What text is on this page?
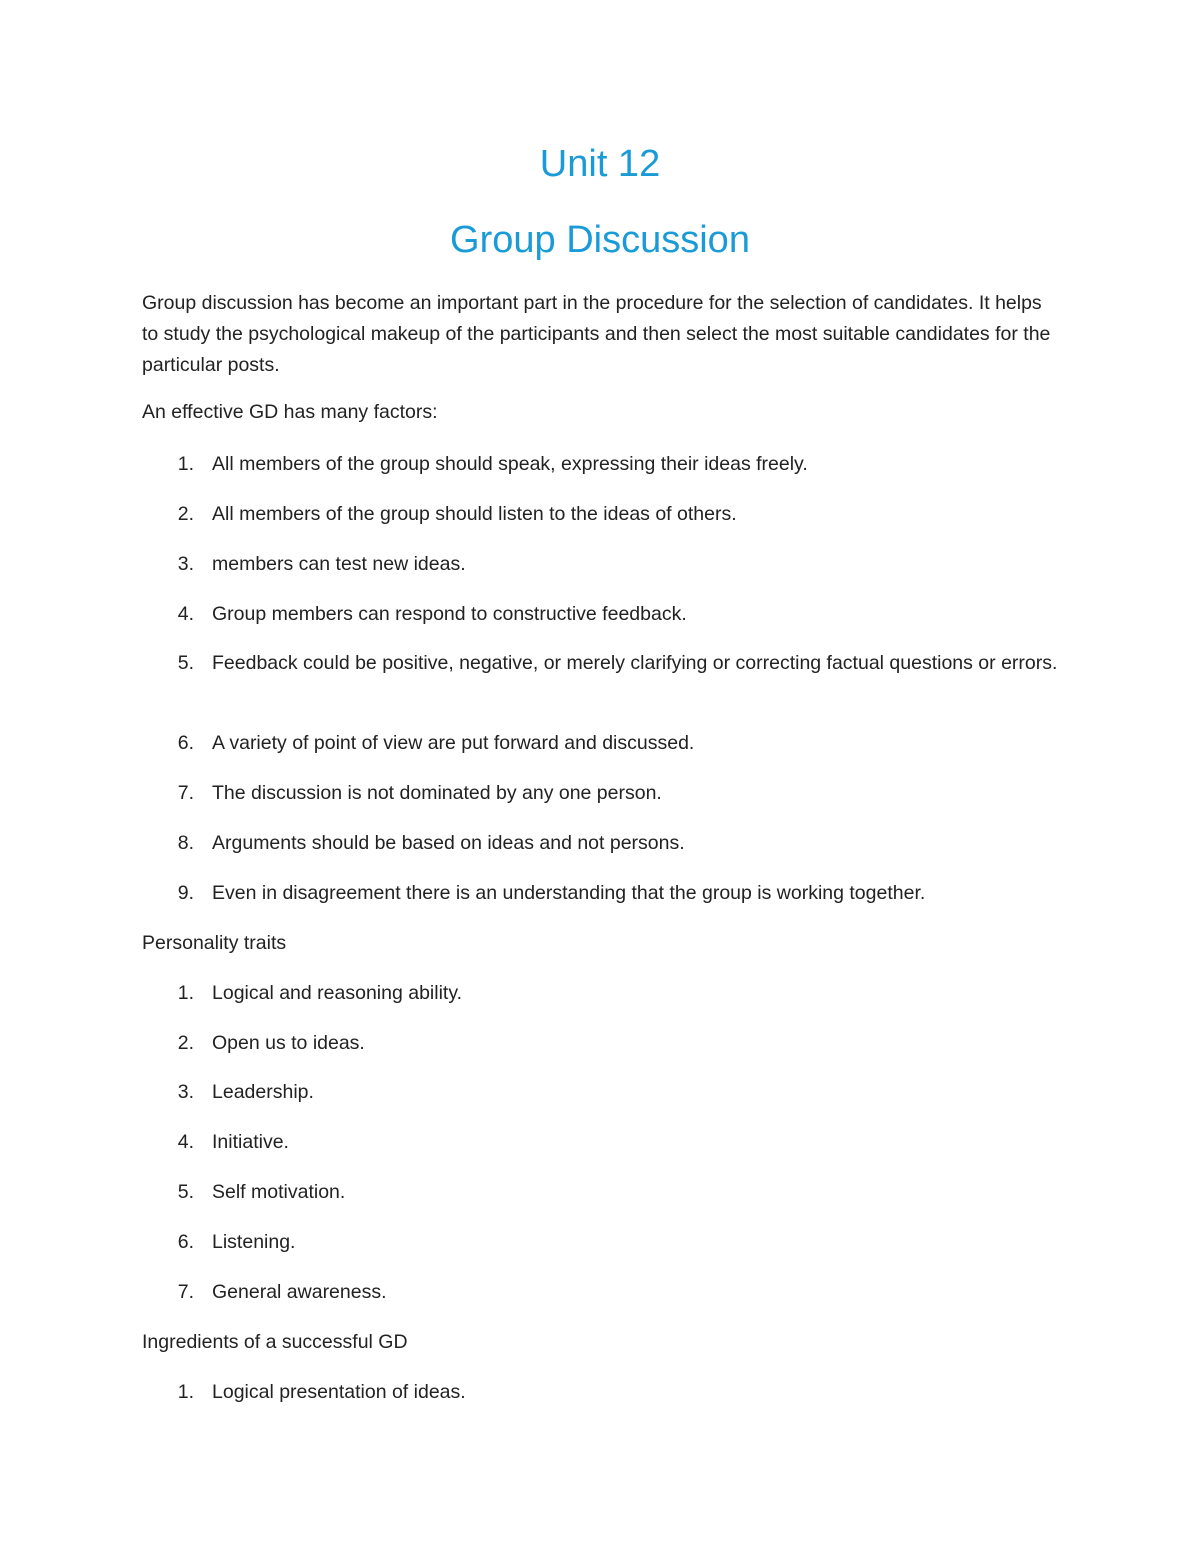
Unit 12
Group Discussion

Group discussion has become an important part in the procedure for the selection of candidates. It helps to study the psychological makeup of the participants and then select the most suitable candidates for the particular posts.

An effective GD has many factors:

1. All members of the group should speak, expressing their ideas freely.
2. All members of the group should listen to the ideas of others.
3. members can test new ideas.
4. Group members can respond to constructive feedback.
5. Feedback could be positive, negative, or merely clarifying or correcting factual questions or errors.
6. A variety of point of view are put forward and discussed.
7. The discussion is not dominated by any one person.
8. Arguments should be based on ideas and not persons.
9. Even in disagreement there is an understanding that the group is working together.

Personality traits

1. Logical and reasoning ability.
2. Open us to ideas.
3. Leadership.
4. Initiative.
5. Self motivation.
6. Listening.
7. General awareness.

Ingredients of a successful GD

1. Logical presentation of ideas.
